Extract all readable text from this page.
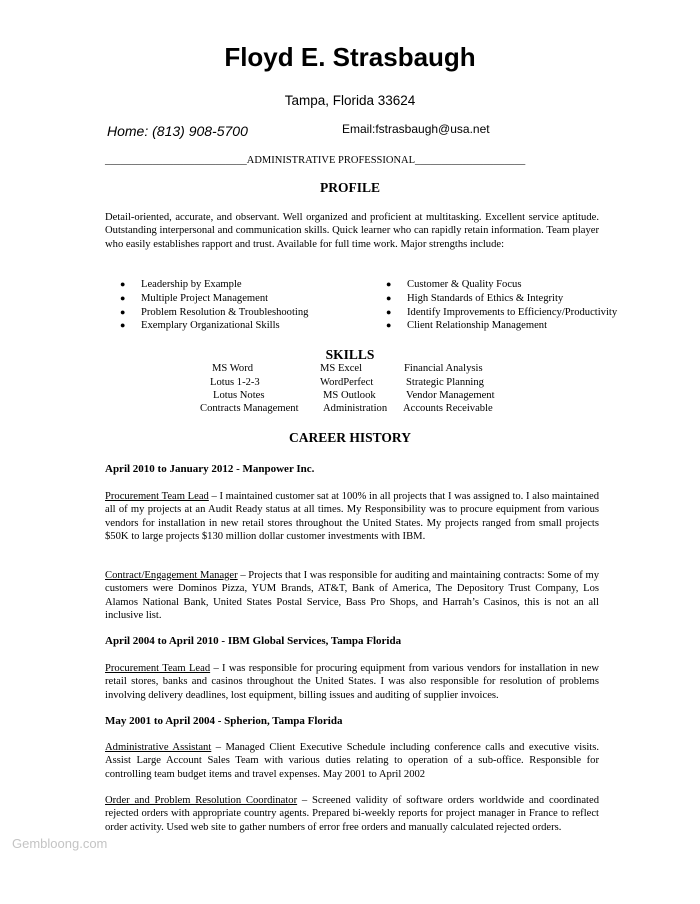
Floyd E. Strasbaugh
Tampa, Florida 33624
Home: (813) 908-5700	Email:fstrasbaugh@usa.net
___________________________ADMINISTRATIVE PROFESSIONAL_____________________
PROFILE
Detail-oriented, accurate, and observant. Well organized and proficient at multitasking. Excellent service aptitude. Outstanding interpersonal and communication skills. Quick learner who can rapidly retain information. Team player who easily establishes rapport and trust. Available for full time work. Major strengths include:
● Leadership by Example
● Multiple Project Management
● Problem Resolution & Troubleshooting
● Exemplary Organizational Skills
● Customer & Quality Focus
● High Standards of Ethics & Integrity
● Identify Improvements to Efficiency/Productivity
● Client Relationship Management
SKILLS
MS Word
Lotus 1-2-3
Lotus Notes
Contracts Management
MS Excel
WordPerfect
MS Outlook
Administration
Financial Analysis
Strategic Planning
Vendor Management
Accounts Receivable
CAREER HISTORY
April 2010 to January 2012 - Manpower Inc.
Procurement Team Lead – I maintained customer sat at 100% in all projects that I was assigned to. I also maintained all of my projects at an Audit Ready status at all times. My Responsibility was to procure equipment from various vendors for installation in new retail stores throughout the United States. My projects ranged from small projects $50K to large projects $130 million dollar customer investments with IBM.
Contract/Engagement Manager – Projects that I was responsible for auditing and maintaining contracts: Some of my customers were Dominos Pizza, YUM Brands, AT&T, Bank of America, The Depository Trust Company, Los Alamos National Bank, United States Postal Service, Bass Pro Shops, and Harrah’s Casinos, this is not an all inclusive list.
April 2004 to April 2010 - IBM Global Services, Tampa Florida
Procurement Team Lead – I was responsible for procuring equipment from various vendors for installation in new retail stores, banks and casinos throughout the United States. I was also responsible for resolution of problems involving delivery deadlines, lost equipment, billing issues and auditing of supplier invoices.
May 2001 to April 2004 - Spherion, Tampa Florida
Administrative Assistant – Managed Client Executive Schedule including conference calls and executive visits. Assist Large Account Sales Team with various duties relating to operation of a sub-office. Responsible for controlling team budget items and travel expenses. May 2001 to April 2002
Order and Problem Resolution Coordinator – Screened validity of software orders worldwide and coordinated rejected orders with appropriate country agents. Prepared bi-weekly reports for project manager in France to reflect order activity. Used web site to gather numbers of error free orders and manually calculated rejected orders.
Gembloong.com
